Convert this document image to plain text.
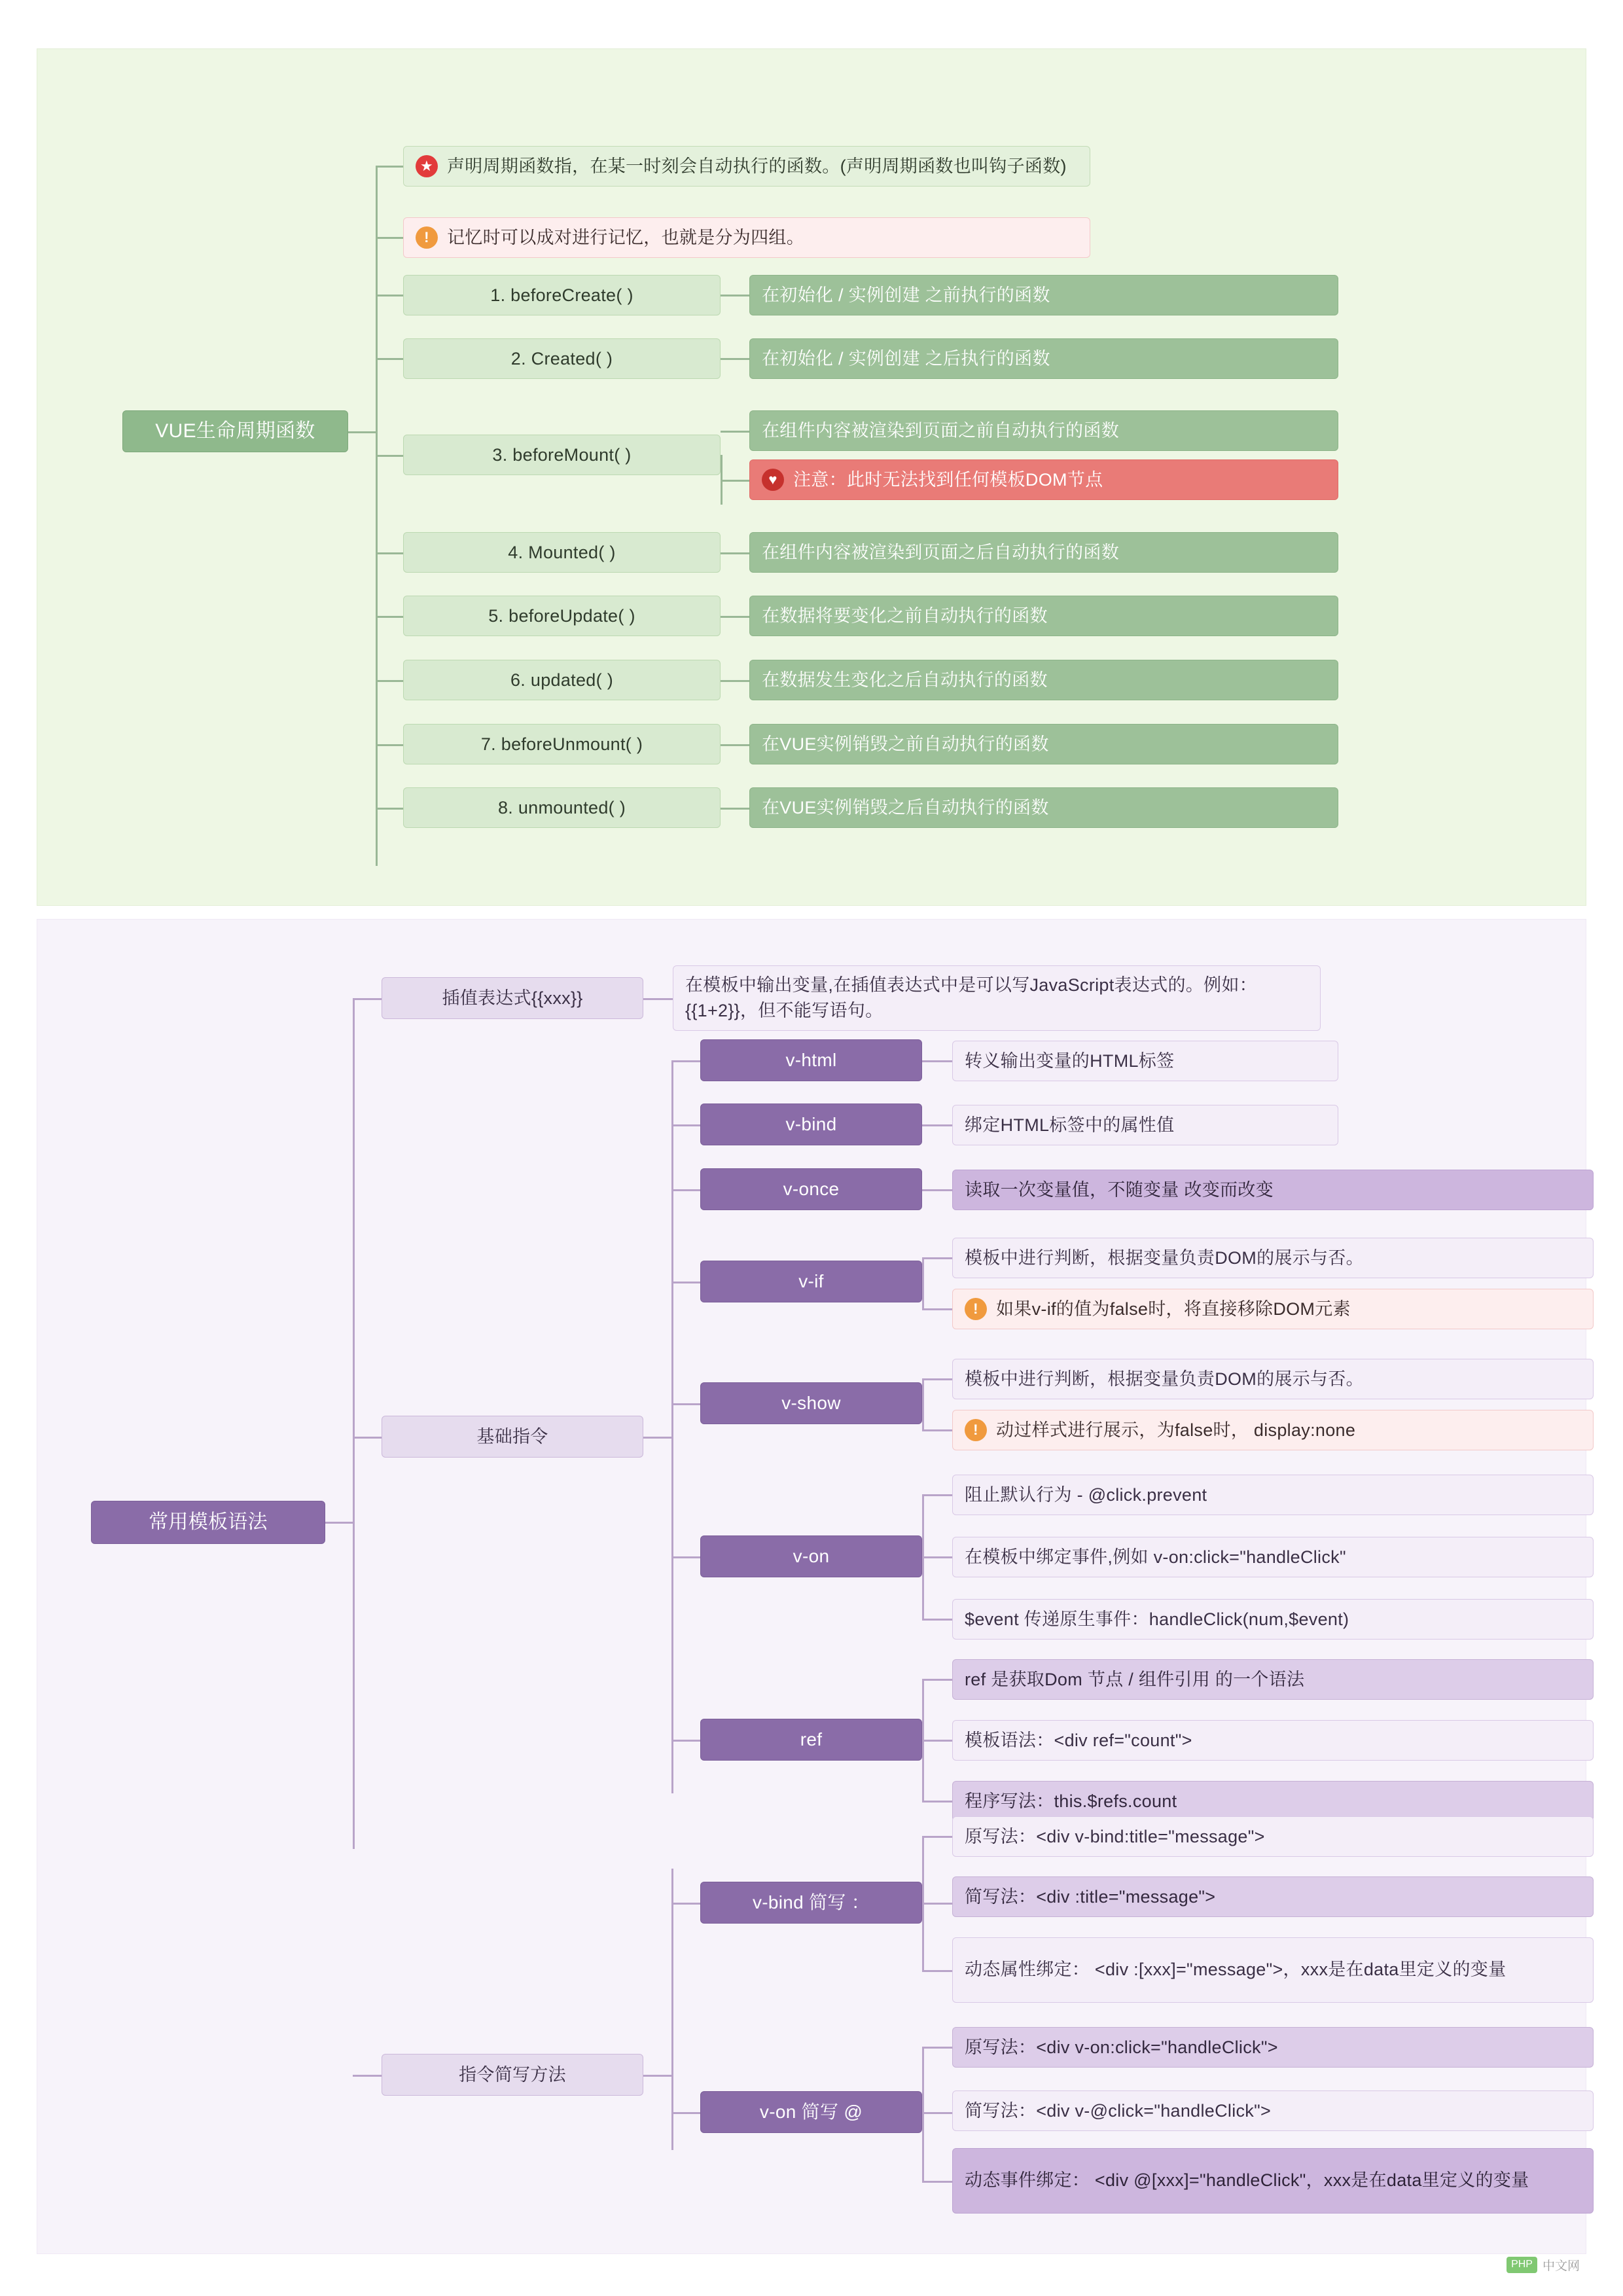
VUE生命周期函数
★ 声明周期函数指，在某一时刻会自动执行的函数。(声明周期函数也叫钩子函数)
!	记忆时可以成对进行记忆，也就是分为四组。
1. beforeCreate( )
2. Created( )
3. beforeMount( )
4. Mounted( )
5. beforeUpdate( )
6. updated( )
7. beforeUnmount( )
8. unmounted( )
在初始化 / 实例创建 之前执行的函数
在初始化 / 实例创建 之后执行的函数
在组件内容被渲染到页面之前自动执行的函数
♥ 注意：此时无法找到任何模板DOM节点
在组件内容被渲染到页面之后自动执行的函数
在数据将要变化之前自动执行的函数
在数据发生变化之后自动执行的函数
在VUE实例销毁之前自动执行的函数
在VUE实例销毁之后自动执行的函数
常用模板语法
插值表达式{{xxx}}
在模板中输出变量,在插值表达式中是可以写JavaScript表达式的。例如：{{1+2}}，但不能写语句。
基础指令
指令简写方法
v-html
v-bind
v-once
v-if
v-show
v-on
ref
转义输出变量的HTML标签
绑定HTML标签中的属性值
读取一次变量值，不随变量 改变而改变
模板中进行判断，根据变量负责DOM的展示与否。
!	如果v-if的值为false时，将直接移除DOM元素
模板中进行判断，根据变量负责DOM的展示与否。
!	动过样式进行展示，为false时， display:none
阻止默认行为 - @click.prevent
在模板中绑定事件,例如 v-on:click="handleClick"
$event 传递原生事件：handleClick(num,$event)
ref 是获取Dom 节点 / 组件引用 的一个语法
模板语法：<div ref="count">
程序写法：this.$refs.count
v-bind 简写 ：
v-on 简写 @
原写法：<div v-bind:title="message">
简写法：<div :title="message">
动态属性绑定： <div :[xxx]="message">，xxx是在data里定义的变量
原写法：<div v-on:click="handleClick">
简写法：<div v-@click="handleClick">
动态事件绑定： <div @[xxx]="handleClick"，xxx是在data里定义的变量
PHP 中文网
